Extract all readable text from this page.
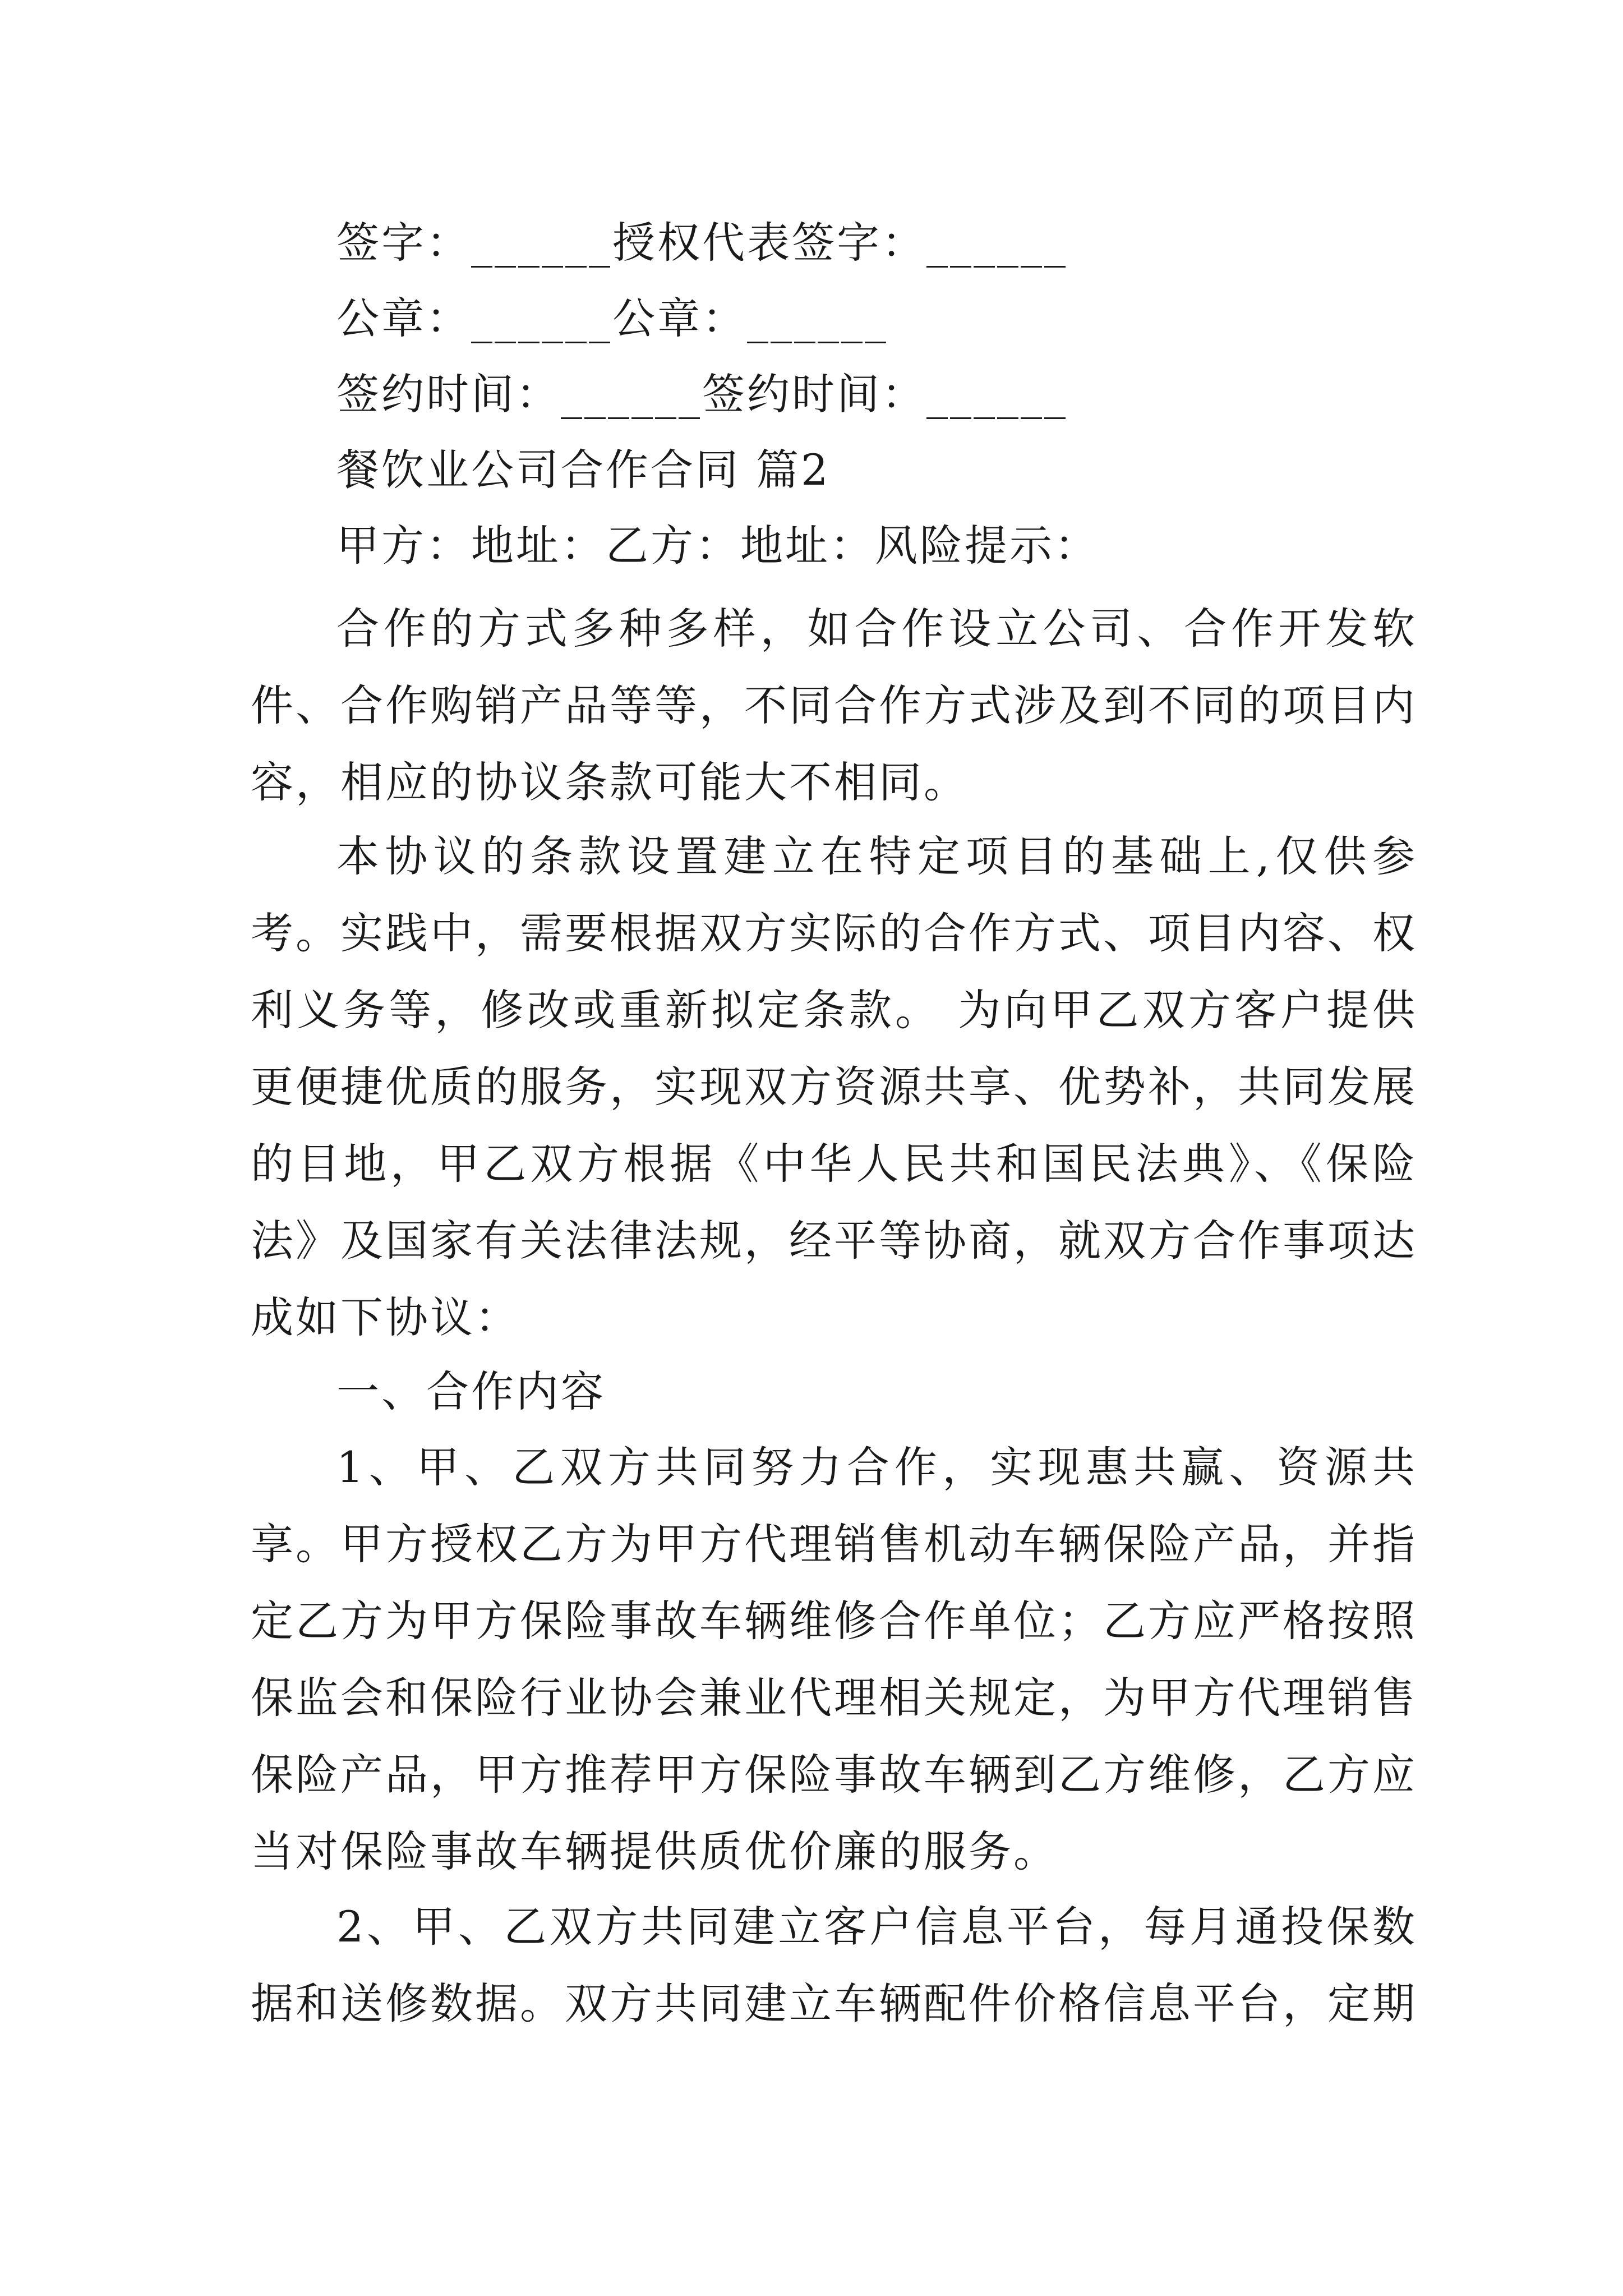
签字：______授权代表签字：______
公章：______公章：______
签约时间：______签约时间：______
餐饮业公司合作合同 篇2
甲方：地址：乙方：地址：风险提示：

合作的方式多种多样，如合作设立公司、合作开发软件、合作购销产品等等，不同合作方式涉及到不同的项目内容，相应的协议条款可能大不相同。

本协议的条款设置建立在特定项目的基础上,仅供参考。实践中，需要根据双方实际的合作方式、项目内容、权利义务等，修改或重新拟定条款。 为向甲乙双方客户提供更便捷优质的服务，实现双方资源共享、优势补，共同发展的目地，甲乙双方根据《中华人民共和国民法典》、《保险法》及国家有关法律法规，经平等协商，就双方合作事项达成如下协议：

一、合作内容

1、甲、乙双方共同努力合作，实现惠共赢、资源共享。甲方授权乙方为甲方代理销售机动车辆保险产品，并指定乙方为甲方保险事故车辆维修合作单位；乙方应严格按照保监会和保险行业协会兼业代理相关规定，为甲方代理销售保险产品，甲方推荐甲方保险事故车辆到乙方维修，乙方应当对保险事故车辆提供质优价廉的服务。

2、甲、乙双方共同建立客户信息平台，每月通投保数据和送修数据。双方共同建立车辆配件价格信息平台，定期
